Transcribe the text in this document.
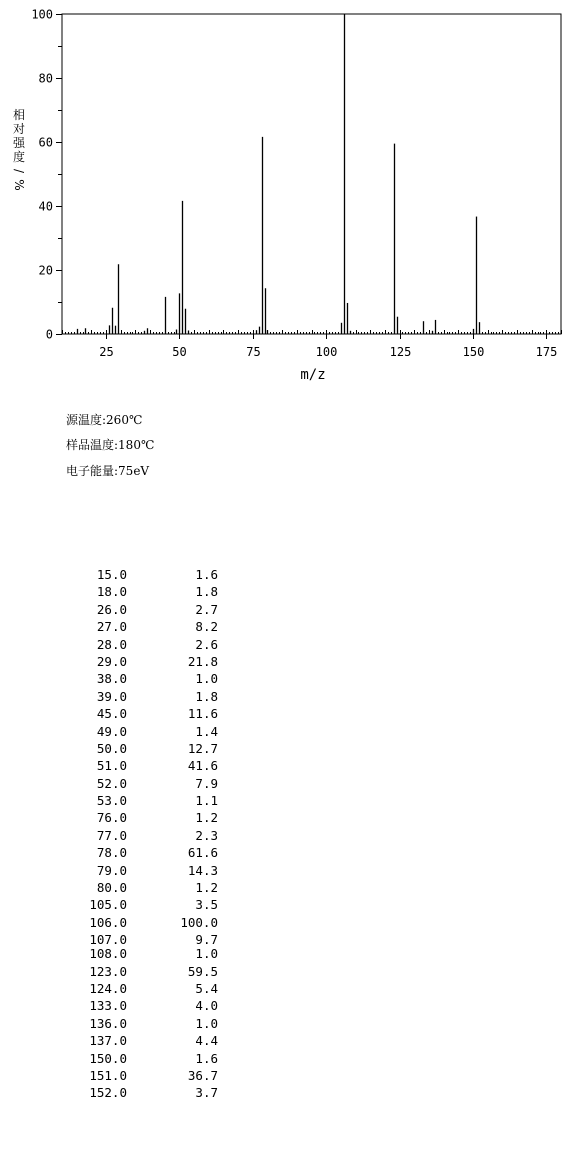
0
20
40
60
80
100
25	50	75	100	125	150	175
m/z
相
对
强
度
/
%
源温度:260℃
样品温度:180℃
电子能量:75eV
15.0	1.6
18.0	1.8
26.0	2.7
27.0	8.2
28.0	2.6
29.0	21.8
38.0	1.0
39.0	1.8
45.0	11.6
49.0	1.4
50.0	12.7
51.0	41.6
52.0	7.9
53.0	1.1
76.0	1.2
77.0	2.3
78.0	61.6
79.0	14.3
80.0	1.2
105.0	3.5
106.0	100.0
107.0	9.7
108.0	1.0
123.0	59.5
124.0	5.4
133.0	4.0
136.0	1.0
137.0	4.4
150.0	1.6
151.0	36.7
152.0	3.7
